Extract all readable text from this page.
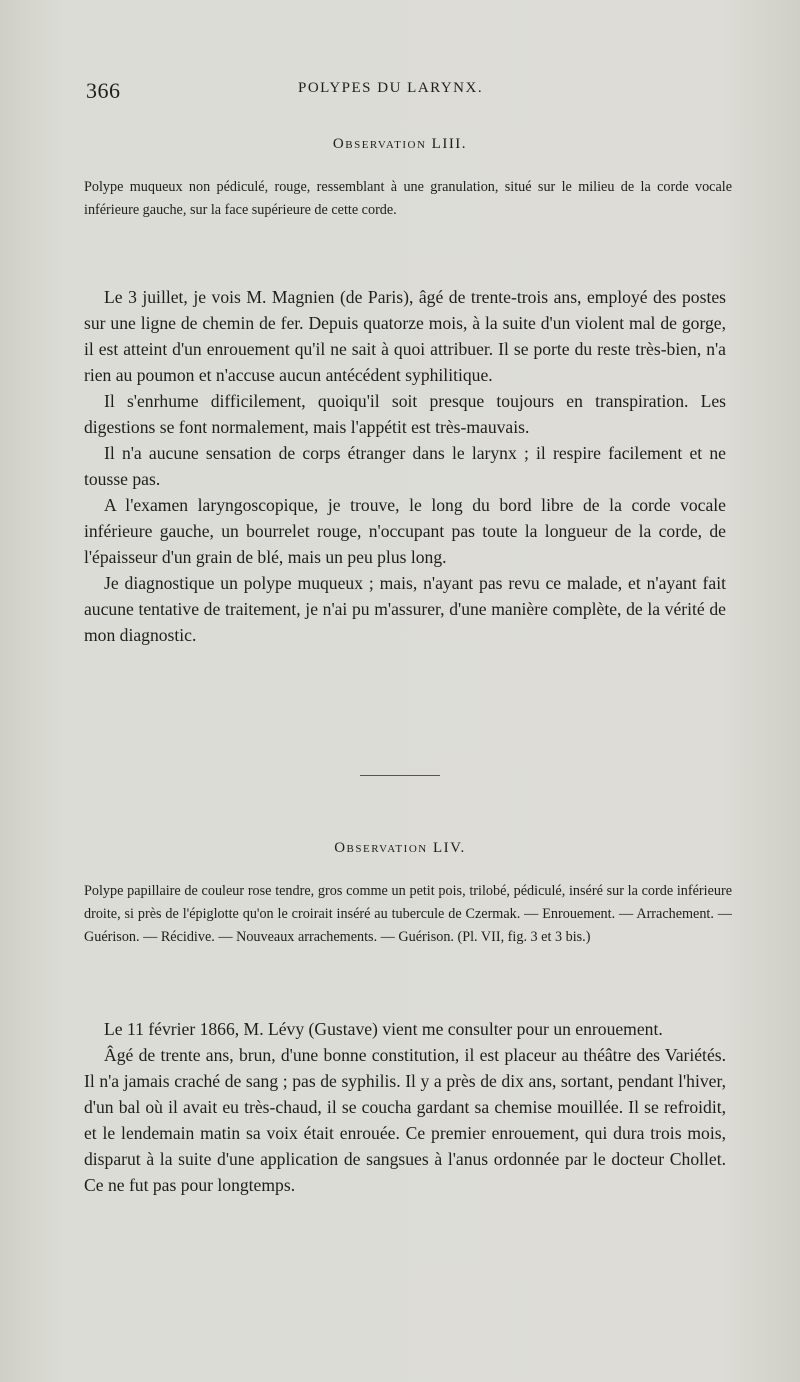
366	POLYPES DU LARYNX.
Observation LIII.

Polype muqueux non pédiculé, rouge, ressemblant à une granulation, situé sur le milieu de la corde vocale inférieure gauche, sur la face supérieure de cette corde.

Le 3 juillet, je vois M. Magnien (de Paris), âgé de trente-trois ans, employé des postes sur une ligne de chemin de fer. Depuis quatorze mois, à la suite d'un violent mal de gorge, il est atteint d'un enrouement qu'il ne sait à quoi attribuer. Il se porte du reste très-bien, n'a rien au poumon et n'accuse aucun antécédent syphilitique.

Il s'enrhume difficilement, quoiqu'il soit presque toujours en transpiration. Les digestions se font normalement, mais l'appétit est très-mauvais.

Il n'a aucune sensation de corps étranger dans le larynx ; il respire facilement et ne tousse pas.

A l'examen laryngoscopique, je trouve, le long du bord libre de la corde vocale inférieure gauche, un bourrelet rouge, n'occupant pas toute la longueur de la corde, de l'épaisseur d'un grain de blé, mais un peu plus long.

Je diagnostique un polype muqueux ; mais, n'ayant pas revu ce malade, et n'ayant fait aucune tentative de traitement, je n'ai pu m'assurer, d'une manière complète, de la vérité de mon diagnostic.

Observation LIV.

Polype papillaire de couleur rose tendre, gros comme un petit pois, trilobé, pédiculé, inséré sur la corde inférieure droite, si près de l'épiglotte qu'on le croirait inséré au tubercule de Czermak. — Enrouement. — Arrachement. — Guérison. — Récidive. — Nouveaux arrachements. — Guérison. (Pl. VII, fig. 3 et 3 bis.)

Le 11 février 1866, M. Lévy (Gustave) vient me consulter pour un enrouement.

Âgé de trente ans, brun, d'une bonne constitution, il est placeur au théâtre des Variétés. Il n'a jamais craché de sang ; pas de syphilis. Il y a près de dix ans, sortant, pendant l'hiver, d'un bal où il avait eu très-chaud, il se coucha gardant sa chemise mouillée. Il se refroidit, et le lendemain matin sa voix était enrouée. Ce premier enrouement, qui dura trois mois, disparut à la suite d'une application de sangsues à l'anus ordonnée par le docteur Chollet. Ce ne fut pas pour longtemps.
